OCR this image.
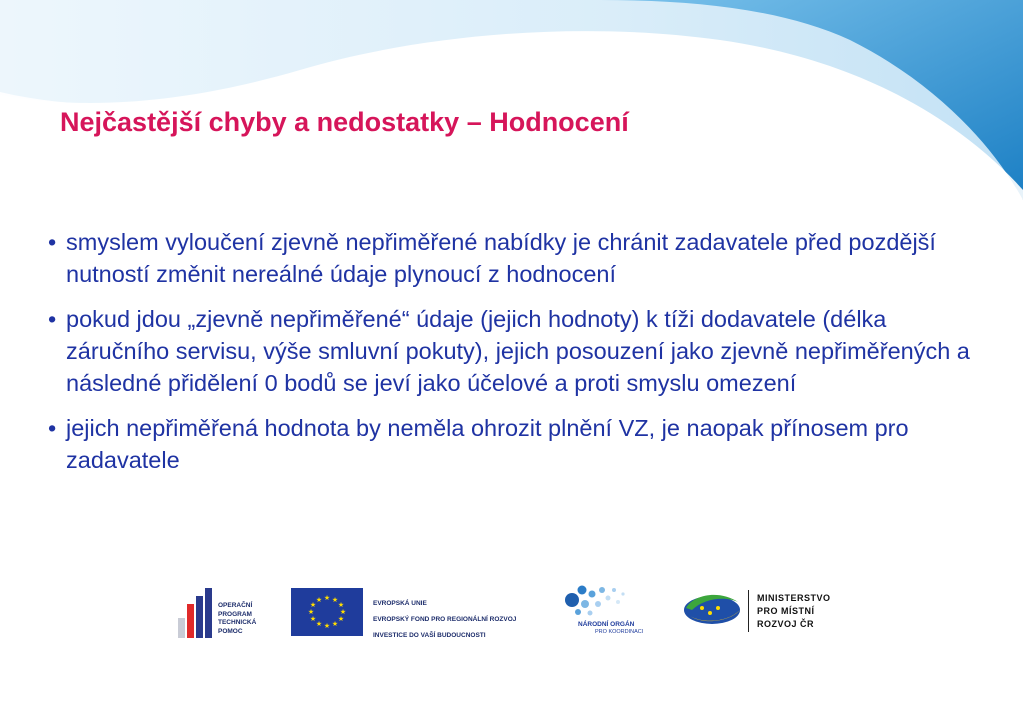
Nejčastější chyby a nedostatky – Hodnocení
• smyslem vyloučení zjevně nepřiměřené nabídky je chránit zadavatele před pozdější nutností změnit nereálné údaje plynoucí z hodnocení
• pokud jdou „zjevně nepřiměřené“ údaje (jejich hodnoty) k tíži dodavatele (délka záručního servisu, výše smluvní pokuty), jejich posouzení jako zjevně nepřiměřených a následné přidělení 0 bodů se jeví jako účelové a proti smyslu omezení
• jejich nepřiměřená hodnota by neměla ohrozit plnění VZ, je naopak přínosem pro zadavatele
OPERAČNÍ
PROGRAM
TECHNICKÁ
POMOC
★ ★
★
★
★
★
★
★
★
★
★
★	EVROPSKÁ UNIE
EVROPSKÝ FOND PRO REGIONÁLNÍ ROZVOJ
INVESTICE DO VAŠÍ BUDOUCNOSTI
NÁRODNÍ ORGÁN
PRO KOORDINACI
MINISTERSTVO
PRO MÍSTNÍ
ROZVOJ ČR
